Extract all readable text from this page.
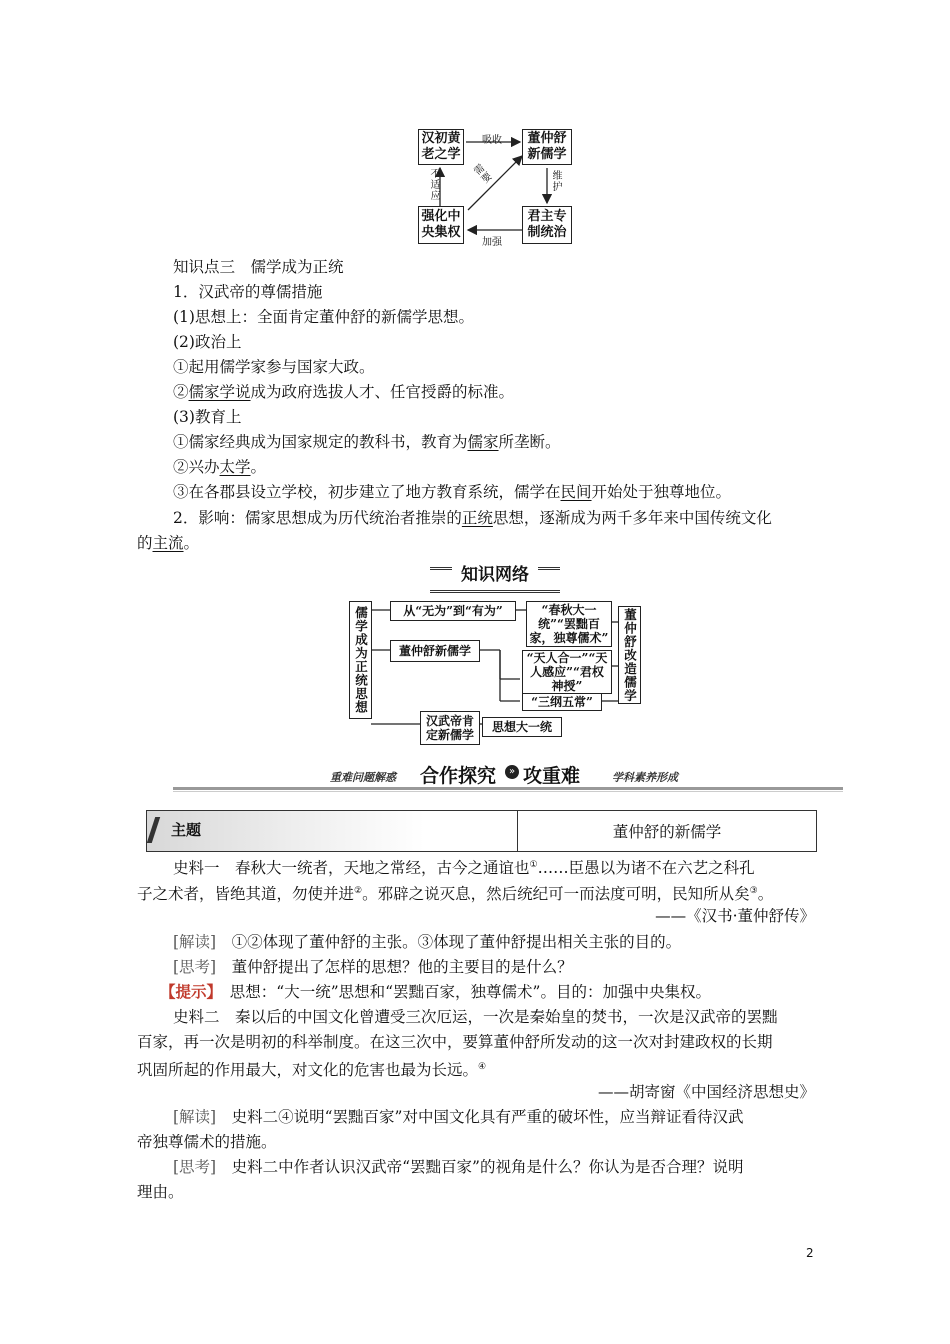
汉初黄老之学
董仲舒新儒学
强化中央集权
君主专制统治
吸收
维护
加强
不适应	需要
知识点三　儒学成为正统
1．汉武帝的尊儒措施
(1)思想上：全面肯定董仲舒的新儒学思想。
(2)政治上
①起用儒学家参与国家大政。
②儒家学说成为政府选拔人才、任官授爵的标准。
(3)教育上
①儒家经典成为国家规定的教科书，教育为儒家所垄断。
②兴办太学。
③在各郡县设立学校，初步建立了地方教育系统，儒学在民间开始处于独尊地位。
2．影响：儒家思想成为历代统治者推崇的正统思想，逐渐成为两千多年来中国传统文化
的主流。
知识网络
儒学成为正统思想	董仲舒改造儒学
从“无为”到“有为”
董仲舒新儒学
汉武帝肯定新儒学
“春秋大一统”“罢黜百家，独尊儒术”
“天人合一”“天人感应”“君权神授”
“三纲五常”
思想大一统
重难问题解惑 合作探究	» 攻重难	学科素养形成
主题	董仲舒的新儒学
史料一　春秋大一统者，天地之常经，古今之通谊也①……臣愚以为诸不在六艺之科孔
子之术者，皆绝其道，勿使并进②。邪辟之说灭息，然后统纪可一而法度可明，民知所从矣③。
——《汉书·董仲舒传》
[解读]　 ①②体现了董仲舒的主张。③体现了董仲舒提出相关主张的目的。
[思考]　 董仲舒提出了怎样的思想？他的主要目的是什么？
【提示】　 思想：“大一统”思想和“罢黜百家，独尊儒术”。目的：加强中央集权。
史料二　秦以后的中国文化曾遭受三次厄运，一次是秦始皇的焚书，一次是汉武帝的罢黜
百家，再一次是明初的科举制度。在这三次中，要算董仲舒所发动的这一次对封建政权的长期
巩固所起的作用最大，对文化的危害也最为长远。④
——胡寄窗《中国经济思想史》
[解读]　 史料二④说明“罢黜百家”对中国文化具有严重的破坏性，应当辩证看待汉武
帝独尊儒术的措施。
[思考]　 史料二中作者认识汉武帝“罢黜百家”的视角是什么？你认为是否合理？说明
理由。
2
